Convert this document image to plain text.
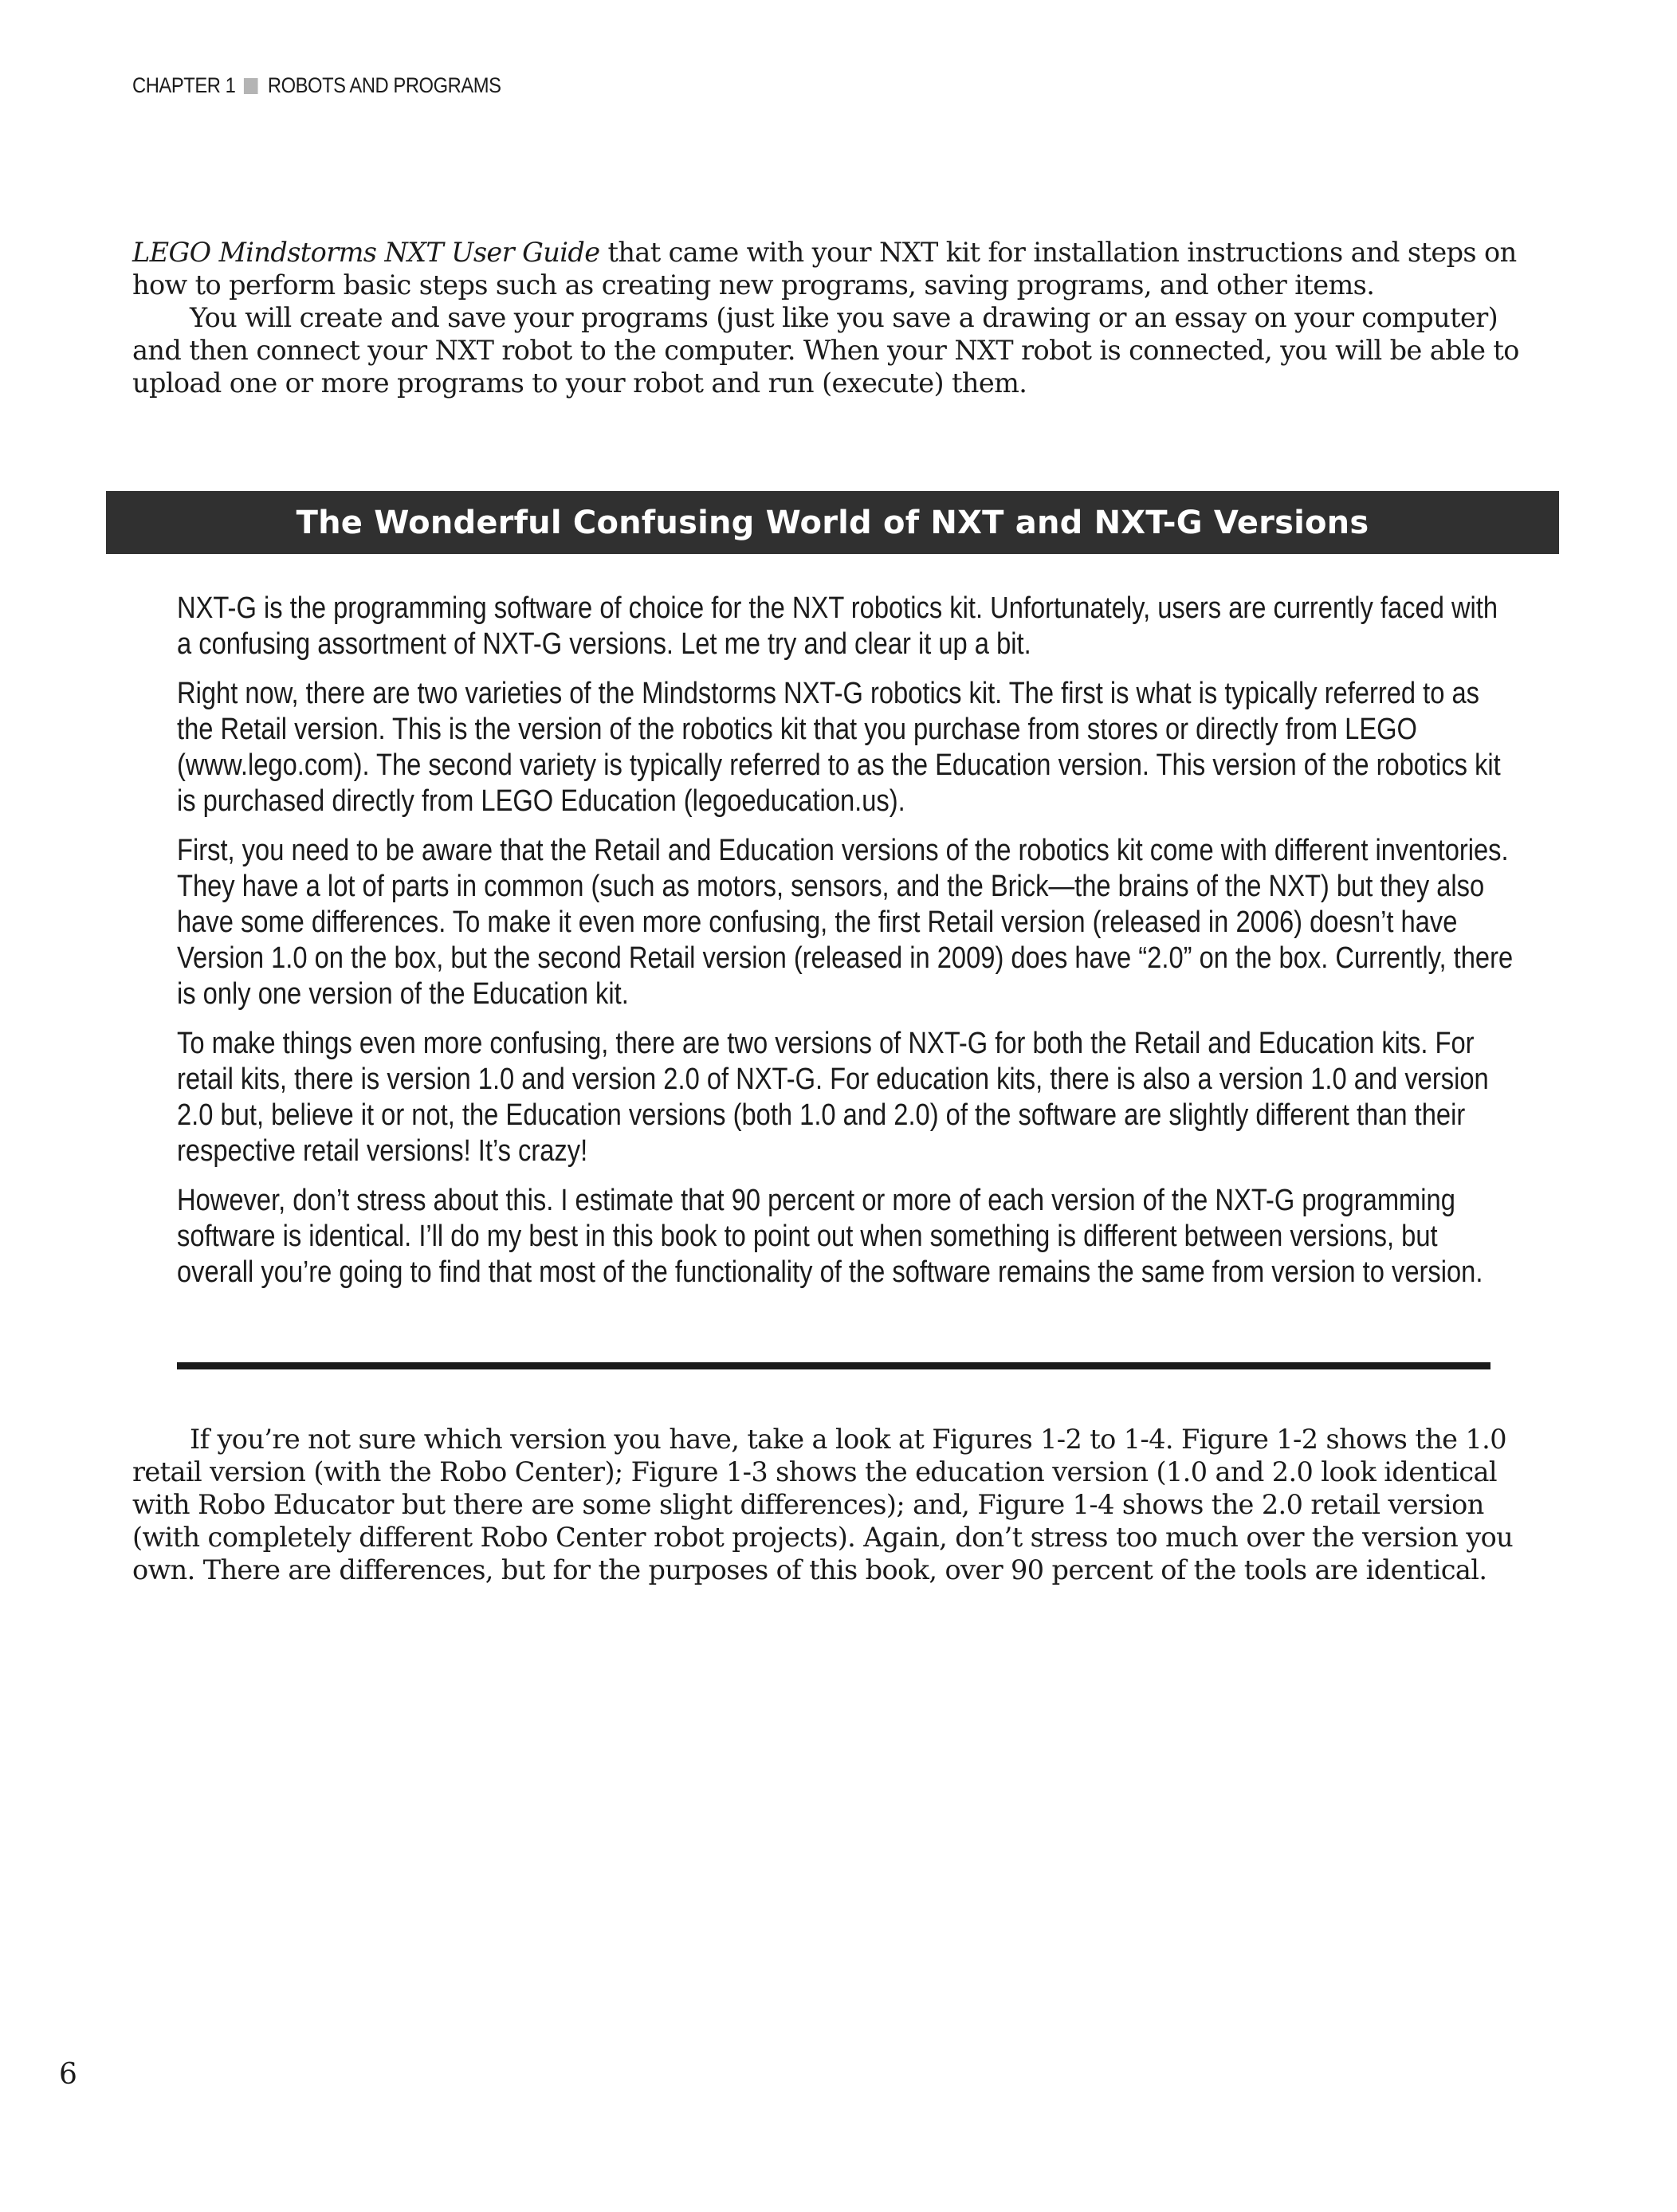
CHAPTER 1 ROBOTS AND PROGRAMS

LEGO Mindstorms NXT User Guide that came with your NXT kit for installation instructions and steps on how to perform basic steps such as creating new programs, saving programs, and other items.

You will create and save your programs (just like you save a drawing or an essay on your computer) and then connect your NXT robot to the computer. When your NXT robot is connected, you will be able to upload one or more programs to your robot and run (execute) them.

The Wonderful Confusing World of NXT and NXT-G Versions

NXT-G is the programming software of choice for the NXT robotics kit. Unfortunately, users are currently faced with a confusing assortment of NXT-G versions. Let me try and clear it up a bit.

Right now, there are two varieties of the Mindstorms NXT-G robotics kit. The first is what is typically referred to as the Retail version. This is the version of the robotics kit that you purchase from stores or directly from LEGO (www.lego.com). The second variety is typically referred to as the Education version. This version of the robotics kit is purchased directly from LEGO Education (legoeducation.us).

First, you need to be aware that the Retail and Education versions of the robotics kit come with different inventories. They have a lot of parts in common (such as motors, sensors, and the Brick—the brains of the NXT) but they also have some differences. To make it even more confusing, the first Retail version (released in 2006) doesn’t have Version 1.0 on the box, but the second Retail version (released in 2009) does have “2.0” on the box. Currently, there is only one version of the Education kit.

To make things even more confusing, there are two versions of NXT-G for both the Retail and Education kits. For retail kits, there is version 1.0 and version 2.0 of NXT-G. For education kits, there is also a version 1.0 and version 2.0 but, believe it or not, the Education versions (both 1.0 and 2.0) of the software are slightly different than their respective retail versions! It’s crazy!

However, don’t stress about this. I estimate that 90 percent or more of each version of the NXT-G programming software is identical. I’ll do my best in this book to point out when something is different between versions, but overall you’re going to find that most of the functionality of the software remains the same from version to version.

If you’re not sure which version you have, take a look at Figures 1-2 to 1-4. Figure 1-2 shows the 1.0 retail version (with the Robo Center); Figure 1-3 shows the education version (1.0 and 2.0 look identical with Robo Educator but there are some slight differences); and, Figure 1-4 shows the 2.0 retail version (with completely different Robo Center robot projects). Again, don’t stress too much over the version you own. There are differences, but for the purposes of this book, over 90 percent of the tools are identical.

6
